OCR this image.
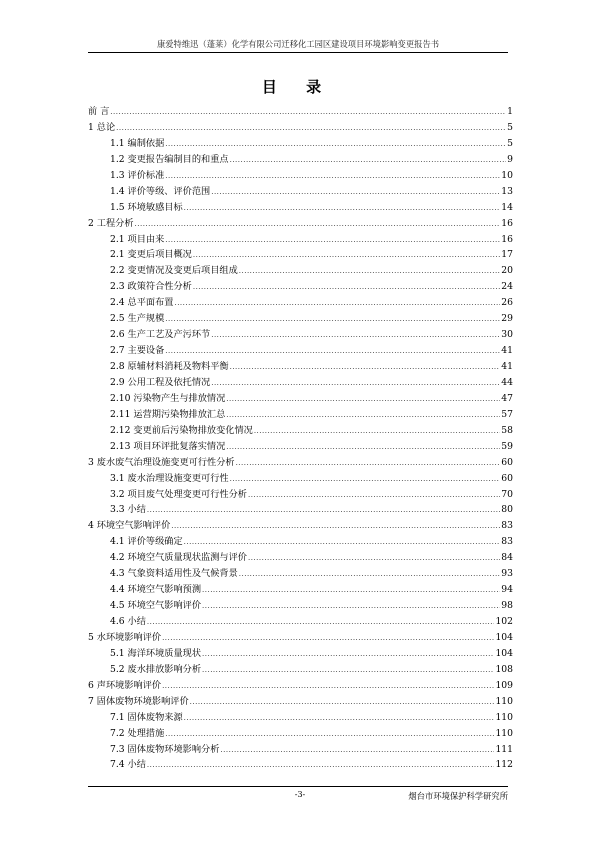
康爱特维迅（蓬莱）化学有限公司迁移化工园区建设项目环境影响变更报告书
目 录
前 言 .....	1
1 总论 .....	5
1.1 编制依据 .....	5
1.2 变更报告编制目的和重点 .....	9
1.3 评价标准 .....	10
1.4 评价等级、评价范围 .....	13
1.5 环境敏感目标 .....	14
2 工程分析 .....	16
2.1 项目由来 .....	16
2.1 变更后项目概况 .....	17
2.2 变更情况及变更后项目组成 .....	20
2.3 政策符合性分析 .....	24
2.4 总平面布置 .....	26
2.5 生产规模 .....	29
2.6 生产工艺及产污环节 .....	30
2.7 主要设备 .....	41
2.8 原辅材料消耗及物料平衡 .....	41
2.9 公用工程及依托情况 .....	44
2.10 污染物产生与排放情况 .....	47
2.11 运营期污染物排放汇总 .....	57
2.12 变更前后污染物排放变化情况 .....	58
2.13 项目环评批复落实情况 .....	59
3 废水废气治理设施变更可行性分析 .....	60
3.1 废水治理设施变更可行性 .....	60
3.2 项目废气处理变更可行性分析 .....	70
3.3 小结 .....	80
4 环境空气影响评价 .....	83
4.1 评价等级确定 .....	83
4.2 环境空气质量现状监测与评价 .....	84
4.3 气象资料适用性及气候背景 .....	93
4.4 环境空气影响预测 .....	94
4.5 环境空气影响评价 .....	98
4.6 小结 .....	102
5 水环境影响评价 .....	104
5.1 海洋环境质量现状 .....	104
5.2 废水排放影响分析 .....	108
6 声环境影响评价 .....	109
7 固体废物环境影响评价 .....	110
7.1 固体废物来源 .....	110
7.2 处理措施 .....	110
7.3 固体废物环境影响分析 .....	111
7.4 小结 .....	112
-3-	烟台市环境保护科学研究所
